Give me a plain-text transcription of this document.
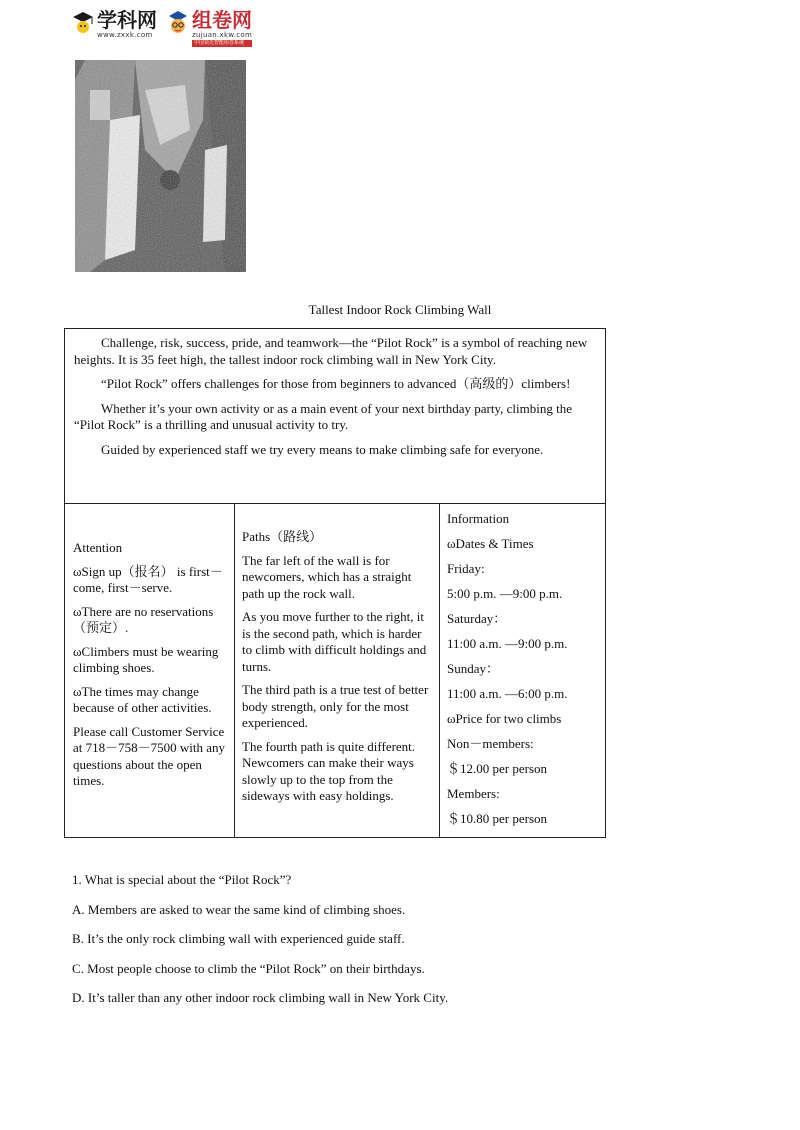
学科网
www.zxxk.com
组卷网
zujuan.xkw.com
中国领先智能组卷系统
Tallest Indoor Rock Climbing Wall

Challenge, risk, success, pride, and teamwork—the “Pilot Rock” is a symbol of reaching new heights. It is 35 feet high, the tallest indoor rock climbing wall in New York City.

“Pilot Rock” offers challenges for those from beginners to advanced（高级的）climbers!

Whether it’s your own activity or as a main event of your next birthday party, climbing the “Pilot Rock” is a thrilling and unusual activity to try.

Guided by experienced staff we try every means to make climbing safe for everyone.

Attention

ωSign up（报名） is first－come, first－serve.

ωThere are no reservations（预定）.

ωClimbers must be wearing climbing shoes.

ωThe times may change because of other activities.

Please call Customer Service at 718－758－7500 with any questions about the open times.

Paths（路线）

The far left of the wall is for newcomers, which has a straight path up the rock wall.

As you move further to the right, it is the second path, which is harder to climb with difficult holdings and turns.

The third path is a true test of better body strength, only for the most experienced.

The fourth path is quite different. Newcomers can make their ways slowly up to the top from the sideways with easy holdings.

Information

ωDates & Times

Friday:

5:00 p.m. —9:00 p.m.

Saturday：

11:00 a.m. —9:00 p.m.

Sunday：

11:00 a.m. —6:00 p.m.

ωPrice for two climbs

Non－members:

＄12.00 per person

Members:

＄10.80 per person

1. What is special about the “Pilot Rock”?

A. Members are asked to wear the same kind of climbing shoes.

B. It’s the only rock climbing wall with experienced guide staff.

C. Most people choose to climb the “Pilot Rock” on their birthdays.

D. It’s taller than any other indoor rock climbing wall in New York City.
